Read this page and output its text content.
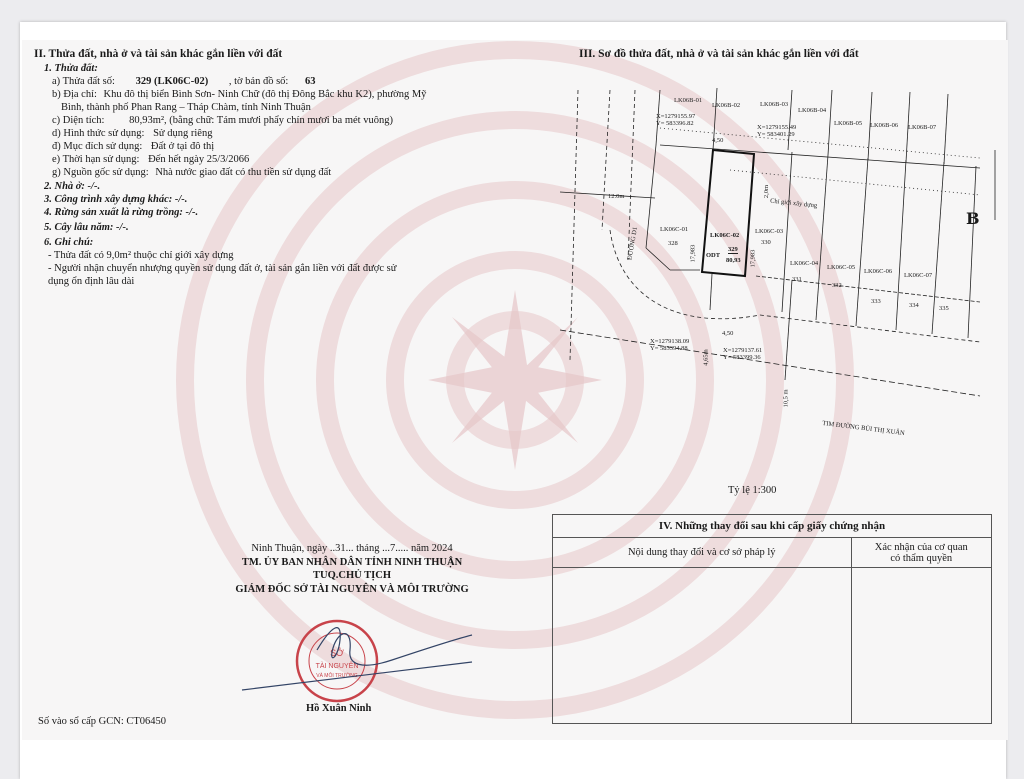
II. Thửa đất, nhà ở và tài sản khác gắn liền với đất
1. Thửa đất:
a) Thửa đất số: 329 (LK06C-02) , tờ bản đồ số: 63
b) Địa chỉ: Khu đô thị biển Bình Sơn- Ninh Chữ (đô thị Đông Bắc khu K2), phường Mỹ
Bình, thành phố Phan Rang – Tháp Chàm, tỉnh Ninh Thuận
c) Diện tích: 80,93m², (bằng chữ: Tám mươi phẩy chín mươi ba mét vuông)
d) Hình thức sử dụng: Sử dụng riêng
đ) Mục đích sử dụng: Đất ở tại đô thị
e) Thời hạn sử dụng: Đến hết ngày 25/3/2066
g) Nguồn gốc sử dụng: Nhà nước giao đất có thu tiền sử dụng đất
2. Nhà ở: -/-.
3. Công trình xây dựng khác: -/-.
4. Rừng sản xuất là rừng trồng: -/-.
5. Cây lâu năm: -/-.
6. Ghi chú:
- Thửa đất có 9,0m² thuộc chỉ giới xây dựng
- Người nhận chuyển nhượng quyền sử dụng đất ở, tài sản gắn liền với đất được sử
dụng ổn định lâu dài
Ninh Thuận, ngày ..31... tháng ...7..... năm 2024
TM. ỦY BAN NHÂN DÂN TỈNH NINH THUẬN
TUQ.CHỦ TỊCH
GIÁM ĐỐC SỞ TÀI NGUYÊN VÀ MÔI TRƯỜNG
SỞ
TÀI NGUYÊN
VÀ MÔI TRƯỜNG
Hồ Xuân Ninh
Số vào sổ cấp GCN: CT06450
III. Sơ đồ thửa đất, nhà ở và tài sản khác gắn liền với đất
LK06B-01
LK06B-02	LK06B-03
LK06B-04
LK06B-05 LK06B-06 LK06B-07
X=1279155.97
Y= 583396.82
X=1279155.49
Y= 583401.29
4,50
12.0m
ĐƯỜNG D1
2,0m
Chỉ giới xây dựng
LK06C-01
328
LK06C-02
ODT
329
80,93
17,983	17,983
LK06C-03
330
LK06C-04
331
LK06C-05
332
LK06C-06
333
LK06C-07
334	335
4,50
X=1279138.09
Y= 583394.88	X=1279137.61
Y= 583399.36
4,65m
10,5 m
TIM ĐƯỜNG BÙI THỊ XUÂN
B
Tỷ lệ 1:300
IV. Những thay đổi sau khi cấp giấy chứng nhận	
Nội dung thay đổi và cơ sở pháp lý	Xác nhận của cơ quan
có thẩm quyền
